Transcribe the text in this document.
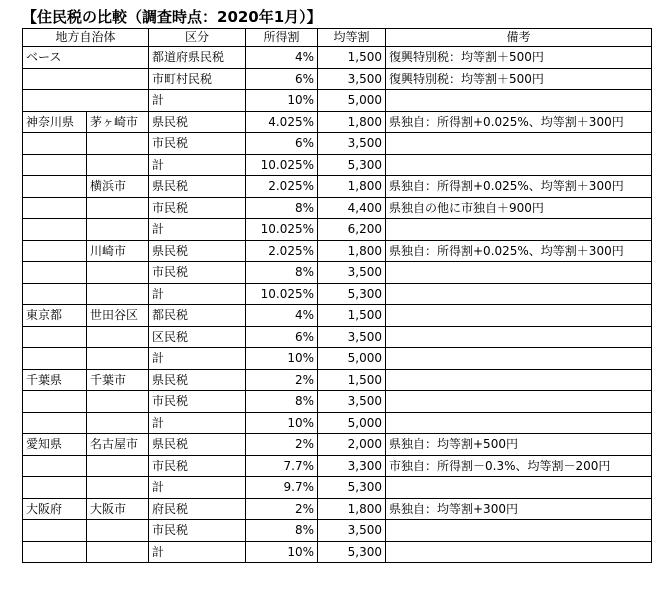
【住民税の比較（調査時点：2020年1月）】
地方自治体		区分	所得割	均等割	備考
ベース		都道府県民税	4%	1,500	復興特別税：均等割＋500円
		市町村民税	6%	3,500	復興特別税：均等割＋500円
		計	10%	5,000	
神奈川県	茅ヶ崎市	県民税	4.025%	1,800	県独自：所得割+0.025%、均等割＋300円
		市民税	6%	3,500	
		計	10.025%	5,300	
	横浜市	県民税	2.025%	1,800	県独自：所得割+0.025%、均等割＋300円
		市民税	8%	4,400	県独自の他に市独自＋900円
		計	10.025%	6,200	
	川崎市	県民税	2.025%	1,800	県独自：所得割+0.025%、均等割＋300円
		市民税	8%	3,500	
		計	10.025%	5,300	
東京都	世田谷区	都民税	4%	1,500	
		区民税	6%	3,500	
		計	10%	5,000	
千葉県	千葉市	県民税	2%	1,500	
		市民税	8%	3,500	
		計	10%	5,000	
愛知県	名古屋市	県民税	2%	2,000	県独自：均等割+500円
		市民税	7.7%	3,300	市独自：所得割－0.3%、均等割－200円
		計	9.7%	5,300	
大阪府	大阪市	府民税	2%	1,800	県独自：均等割+300円
		市民税	8%	3,500	
		計	10%	5,300	
